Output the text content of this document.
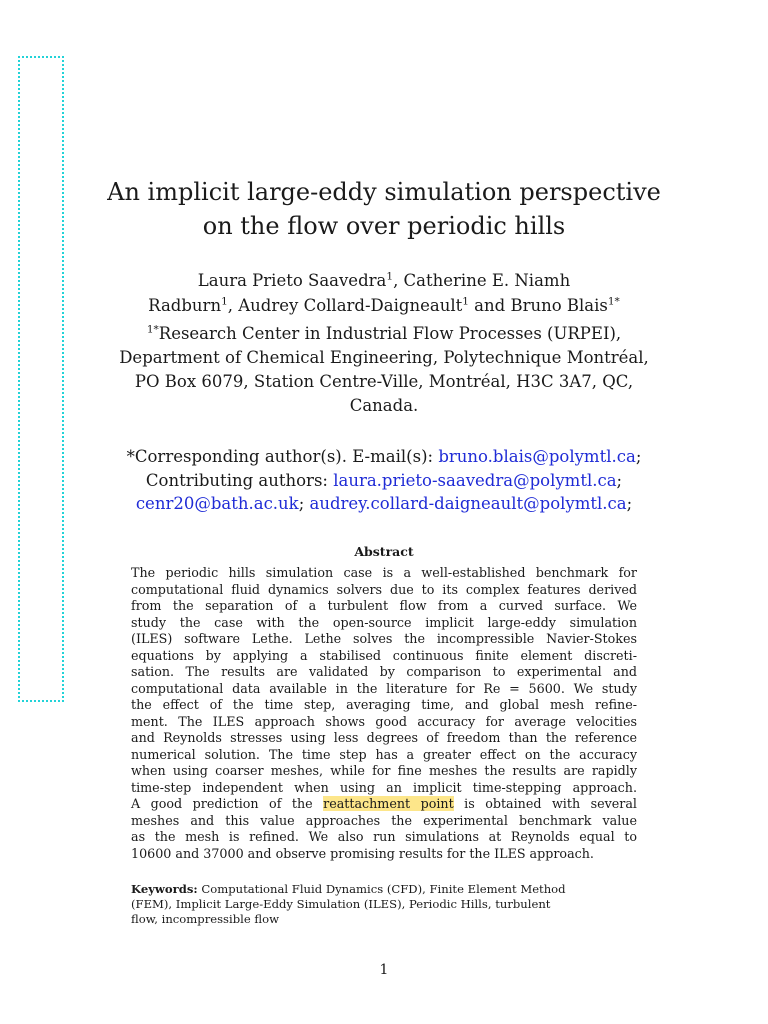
An implicit large-eddy simulation perspective
on the flow over periodic hills
Laura Prieto Saavedra$^1$, Catherine E. Niamh
Radburn$^1$, Audrey Collard-Daigneault$^1$ and Bruno Blais$^{1*}$
$^{1*}$Research Center in Industrial Flow Processes (URPEI),
Department of Chemical Engineering, Polytechnique Montréal,
PO Box 6079, Station Centre-Ville, Montréal, H3C 3A7, QC,
Canada.
*Corresponding author(s). E-mail(s): bruno.blais@polymtl.ca;
Contributing authors: laura.prieto-saavedra@polymtl.ca;
cenr20@bath.ac.uk; audrey.collard-daigneault@polymtl.ca;
Abstract
The periodic hills simulation case is a well-established benchmark for
computational fluid dynamics solvers due to its complex features derived
from the separation of a turbulent flow from a curved surface. We
study the case with the open-source implicit large-eddy simulation
(ILES) software Lethe. Lethe solves the incompressible Navier-Stokes
equations by applying a stabilised continuous finite element discreti-
sation. The results are validated by comparison to experimental and
computational data available in the literature for Re = 5600. We study
the effect of the time step, averaging time, and global mesh refine-
ment. The ILES approach shows good accuracy for average velocities
and Reynolds stresses using less degrees of freedom than the reference
numerical solution. The time step has a greater effect on the accuracy
when using coarser meshes, while for fine meshes the results are rapidly
time-step independent when using an implicit time-stepping approach.
A good prediction of the reattachment point is obtained with several
meshes and this value approaches the experimental benchmark value
as the mesh is refined. We also run simulations at Reynolds equal to
10600 and 37000 and observe promising results for the ILES approach.
Keywords: Computational Fluid Dynamics (CFD), Finite Element Method
(FEM), Implicit Large-Eddy Simulation (ILES), Periodic Hills, turbulent
flow, incompressible flow
1
